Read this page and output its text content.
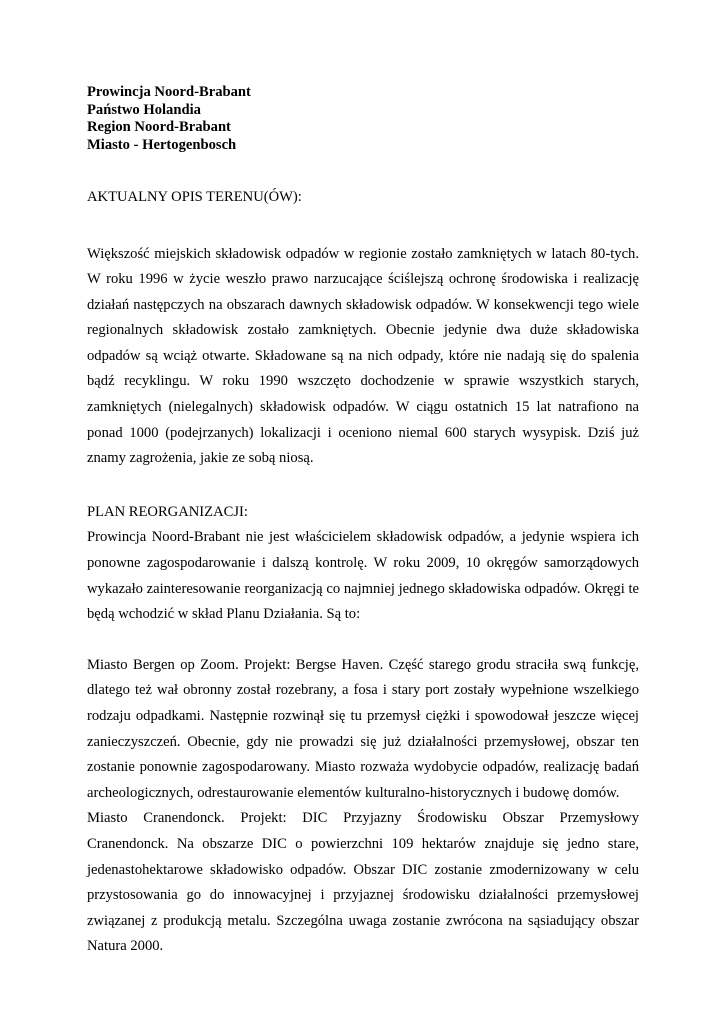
Prowincja Noord-Brabant
Państwo Holandia
Region Noord-Brabant
Miasto - Hertogenbosch
AKTUALNY OPIS TERENU(ÓW):

Większość miejskich składowisk odpadów w regionie zostało zamkniętych w latach 80-tych. W roku 1996 w życie weszło prawo narzucające ściślejszą ochronę środowiska i realizację działań następczych na obszarach dawnych składowisk odpadów. W konsekwencji tego wiele regionalnych składowisk zostało zamkniętych. Obecnie jedynie dwa duże składowiska odpadów są wciąż otwarte. Składowane są na nich odpady, które nie nadają się do spalenia bądź recyklingu. W roku 1990 wszczęto dochodzenie w sprawie wszystkich starych, zamkniętych (nielegalnych) składowisk odpadów. W ciągu ostatnich 15 lat natrafiono na ponad 1000 (podejrzanych) lokalizacji i oceniono niemal 600 starych wysypisk. Dziś już znamy zagrożenia, jakie ze sobą niosą.

PLAN REORGANIZACJI:

Prowincja Noord-Brabant nie jest właścicielem składowisk odpadów, a jedynie wspiera ich ponowne zagospodarowanie i dalszą kontrolę. W roku 2009, 10 okręgów samorządowych wykazało zainteresowanie reorganizacją co najmniej jednego składowiska odpadów. Okręgi te będą wchodzić w skład Planu Działania. Są to:

Miasto Bergen op Zoom. Projekt: Bergse Haven. Część starego grodu straciła swą funkcję, dlatego też wał obronny został rozebrany, a fosa i stary port zostały wypełnione wszelkiego rodzaju odpadkami. Następnie rozwinął się tu przemysł ciężki i spowodował jeszcze więcej zanieczyszczeń. Obecnie, gdy nie prowadzi się już działalności przemysłowej, obszar ten zostanie ponownie zagospodarowany. Miasto rozważa wydobycie odpadów, realizację badań archeologicznych, odrestaurowanie elementów kulturalno-historycznych i budowę domów.

Miasto Cranendonck. Projekt: DIC Przyjazny Środowisku Obszar Przemysłowy Cranendonck. Na obszarze DIC o powierzchni 109 hektarów znajduje się jedno stare, jedenastohektarowe składowisko odpadów. Obszar DIC zostanie zmodernizowany w celu przystosowania go do innowacyjnej i przyjaznej środowisku działalności przemysłowej związanej z produkcją metalu. Szczególna uwaga zostanie zwrócona na sąsiadujący obszar Natura 2000.
